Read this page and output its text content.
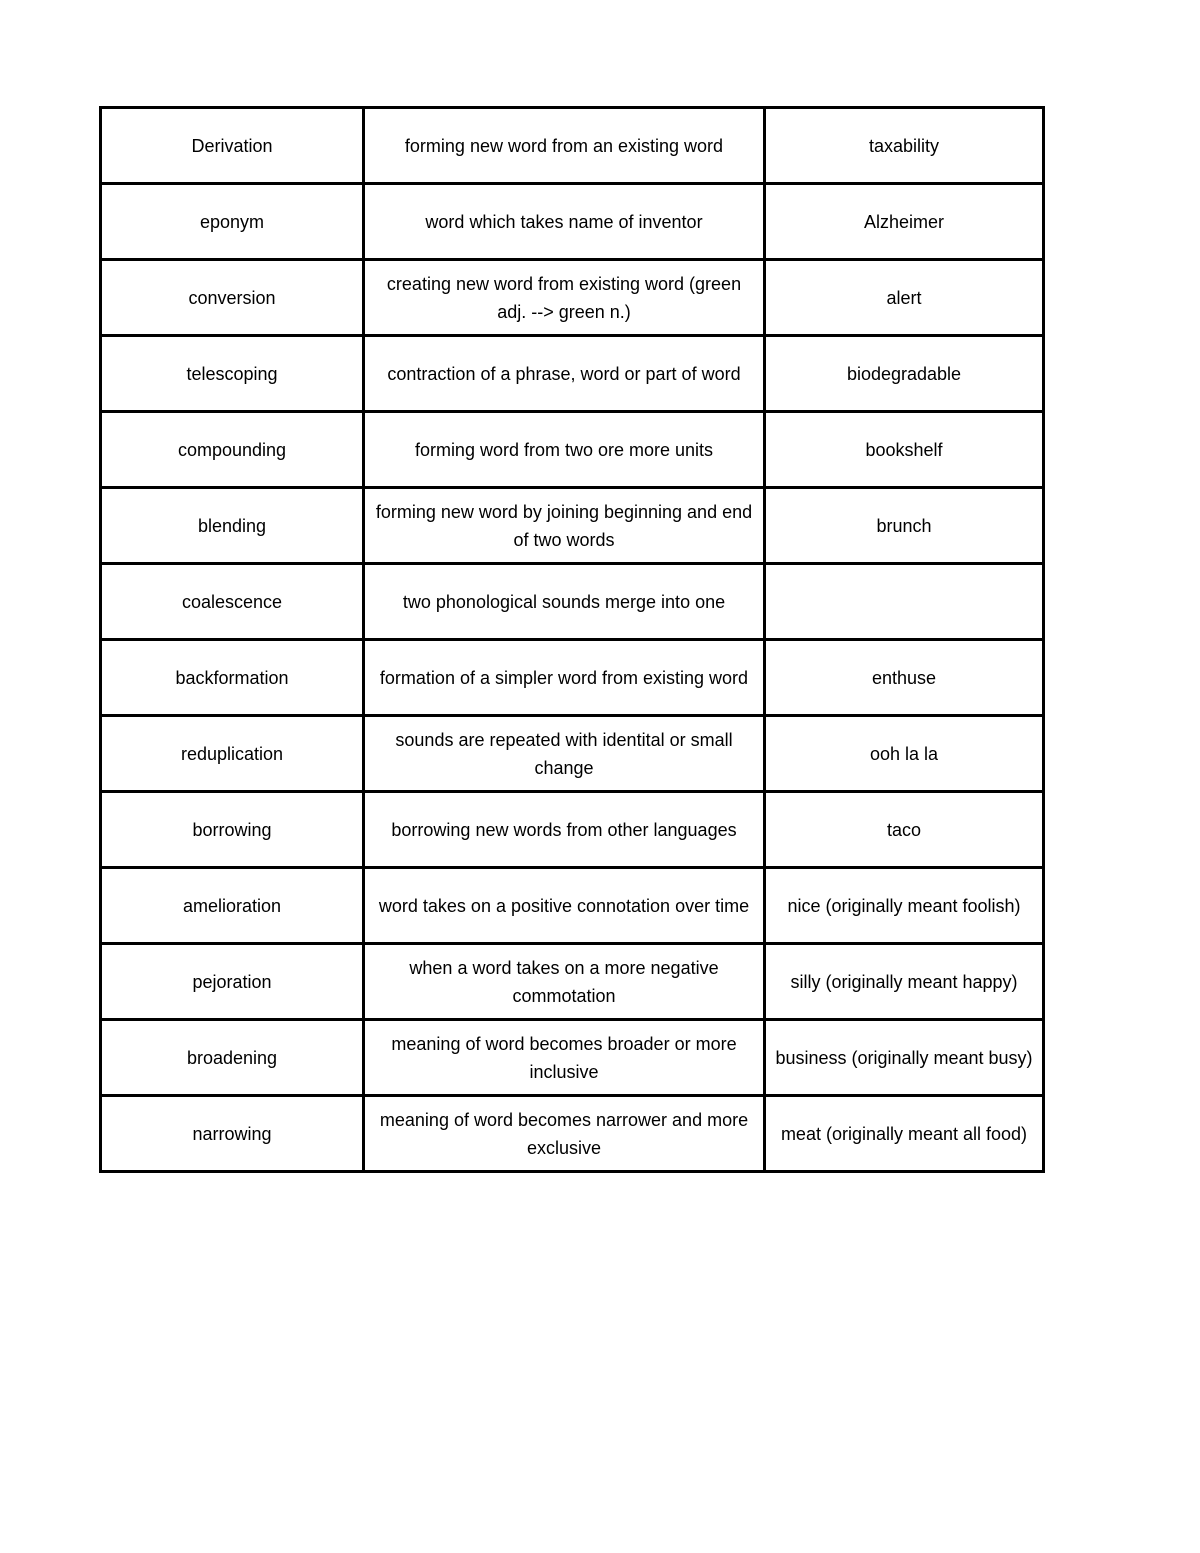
Derivation	forming new word from an existing word	taxability
eponym	word which takes name of inventor	Alzheimer
conversion	creating new word from existing word (green adj. --> green n.)	alert
telescoping	contraction of a phrase, word or part of word	biodegradable
compounding	forming word from two ore more units	bookshelf
blending	forming new word by joining beginning and end of two words	brunch
coalescence	two phonological sounds merge into one	
backformation	formation of a simpler word from existing word	enthuse
reduplication	sounds are repeated with identital or small change	ooh la la
borrowing	borrowing new words from other languages	taco
amelioration	word takes on a positive connotation over time	nice (originally meant foolish)
pejoration	when a word takes on a more negative commotation	silly (originally meant happy)
broadening	meaning of word becomes broader or more inclusive	business (originally meant busy)
narrowing	meaning of word becomes narrower and more exclusive	meat (originally meant all food)
